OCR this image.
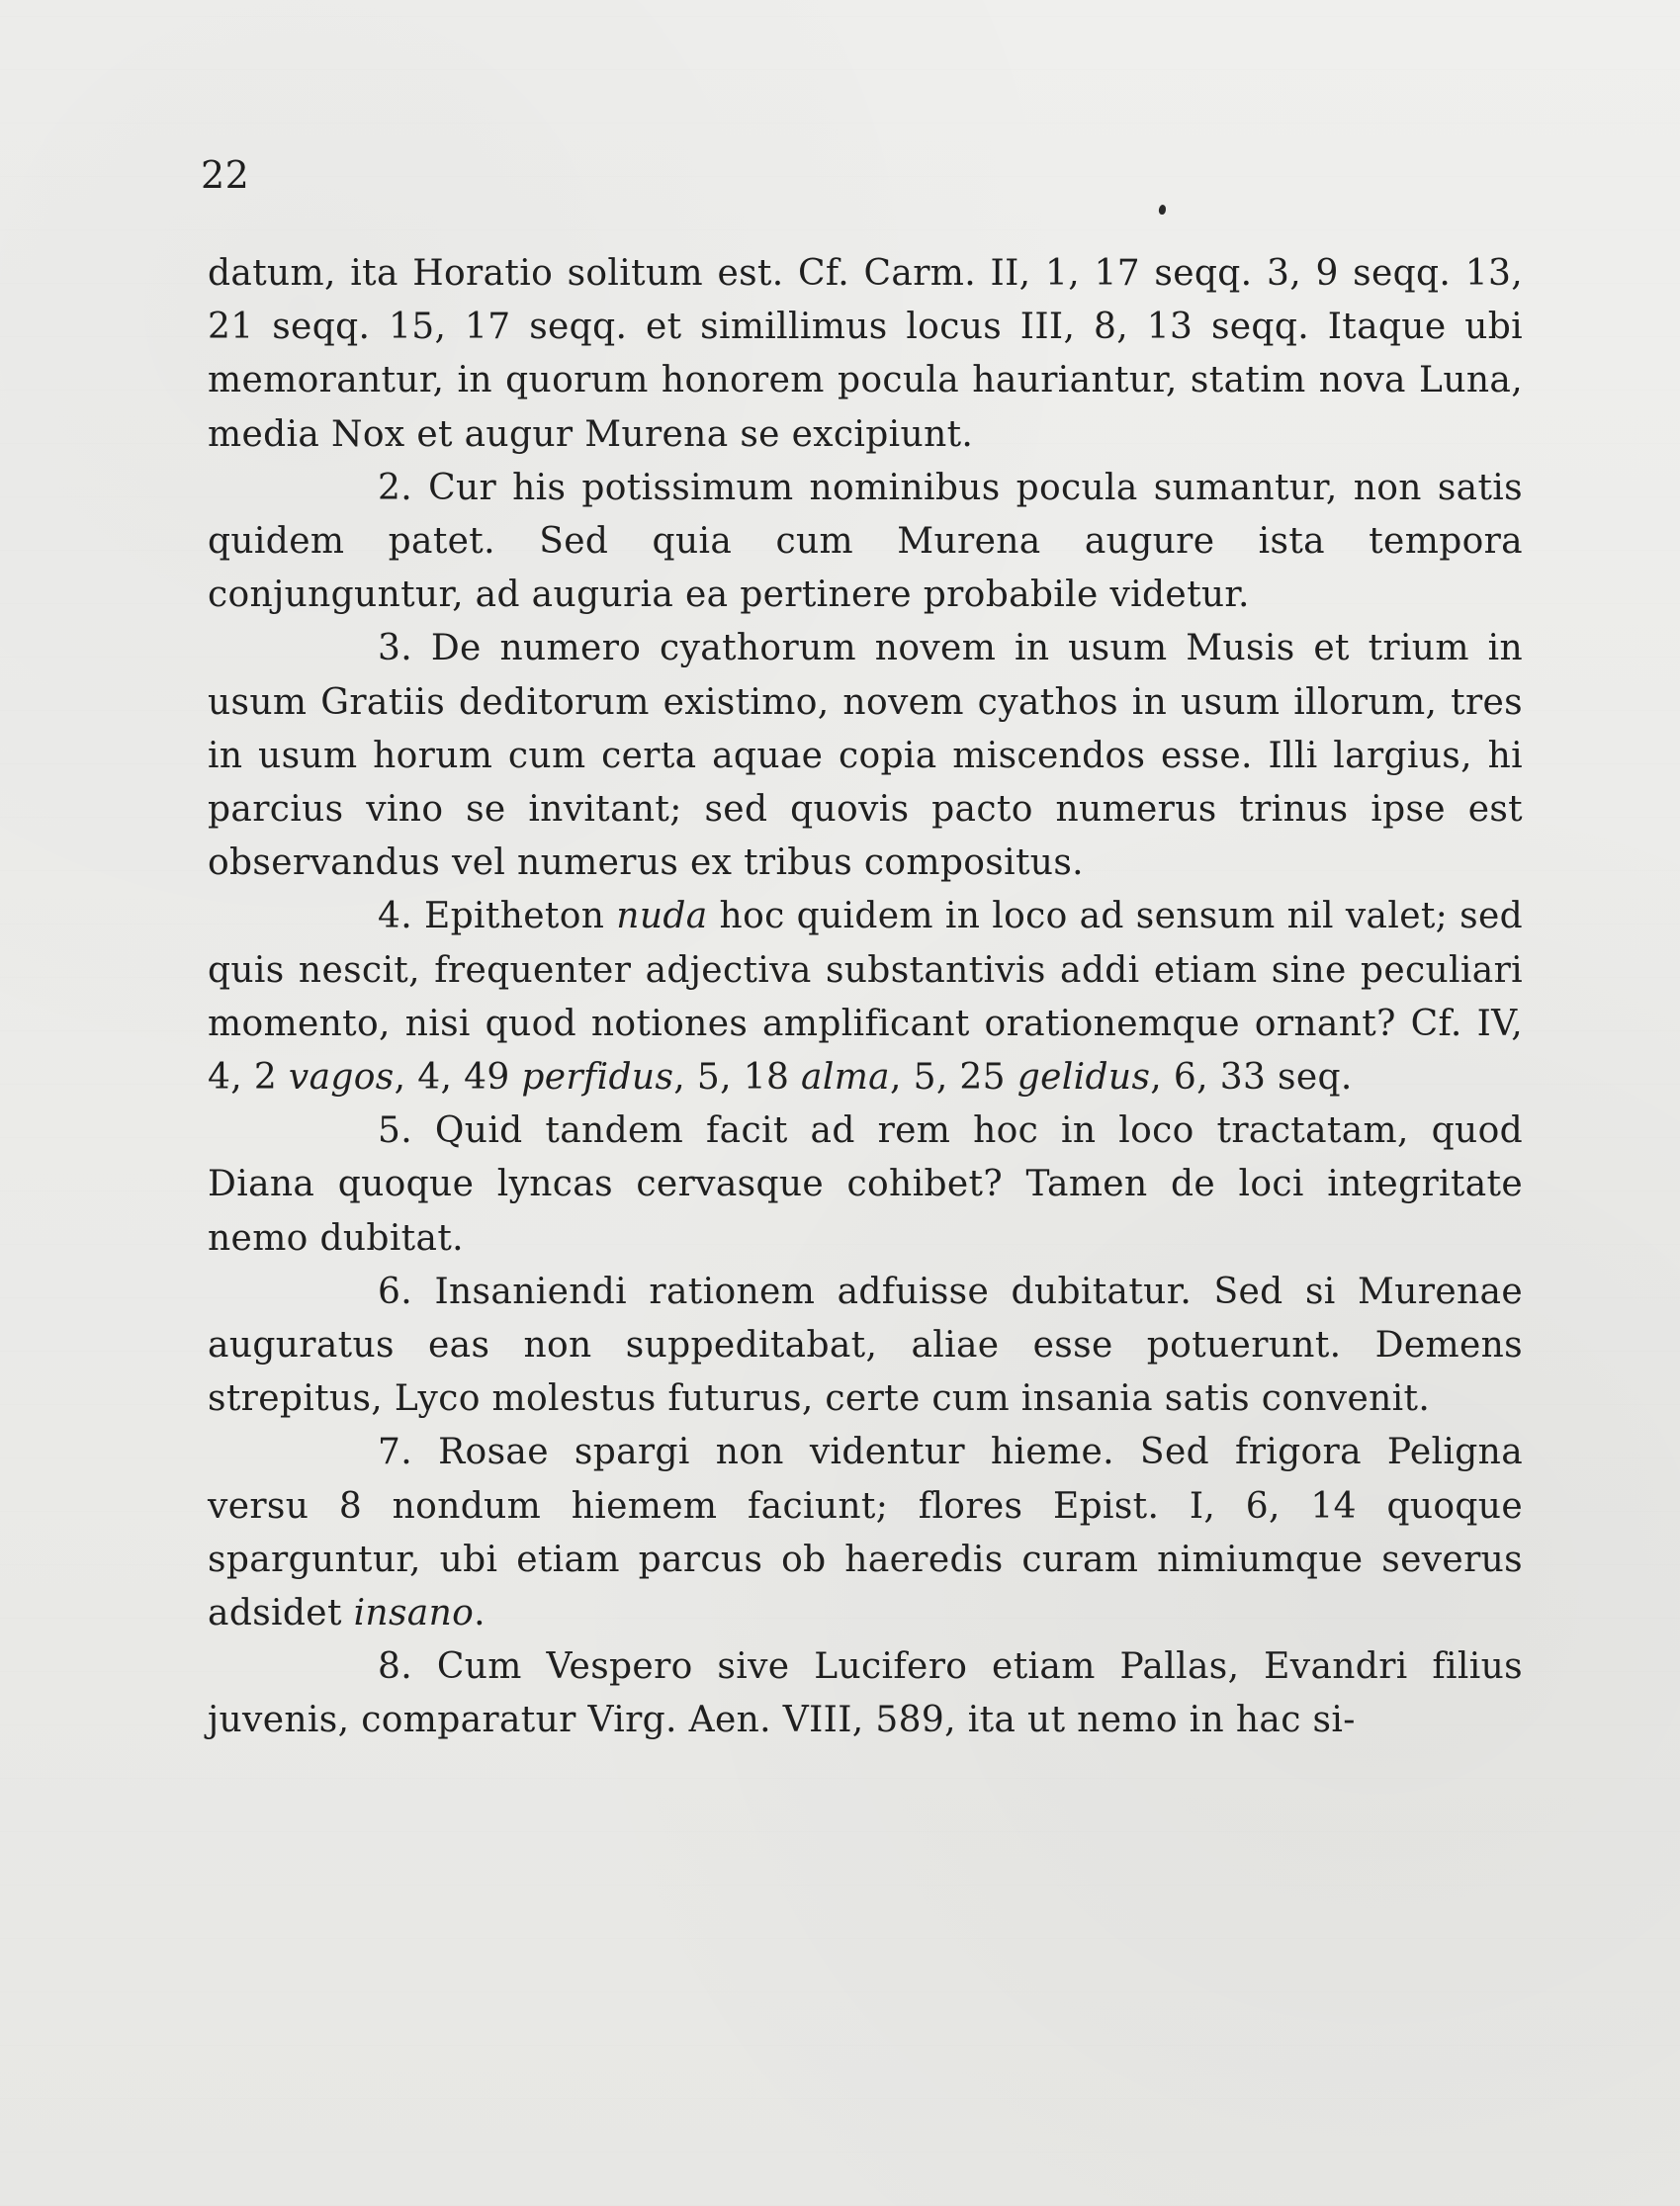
22

datum, ita Horatio solitum est. Cf. Carm. II, 1, 17 seqq. 3, 9 seqq. 13, 21 seqq. 15, 17 seqq. et simillimus locus III, 8, 13 seqq. Itaque ubi memorantur, in quorum honorem pocula hauriantur, statim nova Luna, media Nox et augur Murena se excipiunt.

2. Cur his potissimum nominibus pocula sumantur, non satis quidem patet. Sed quia cum Murena augure ista tempora conjunguntur, ad auguria ea pertinere probabile videtur.

3. De numero cyathorum novem in usum Musis et trium in usum Gratiis deditorum existimo, novem cyathos in usum illorum, tres in usum horum cum certa aquae copia miscendos esse. Illi largius, hi parcius vino se invitant; sed quovis pacto numerus trinus ipse est observandus vel numerus ex tribus compositus.

4. Epitheton nuda hoc quidem in loco ad sensum nil valet; sed quis nescit, frequenter adjectiva substantivis addi etiam sine peculiari momento, nisi quod notiones amplificant orationemque ornant? Cf. IV, 4, 2 vagos, 4, 49 perfidus, 5, 18 alma, 5, 25 gelidus, 6, 33 seq.

5. Quid tandem facit ad rem hoc in loco tractatam, quod Diana quoque lyncas cervasque cohibet? Tamen de loci integritate nemo dubitat.

6. Insaniendi rationem adfuisse dubitatur. Sed si Murenae auguratus eas non suppeditabat, aliae esse potuerunt. Demens strepitus, Lyco molestus futurus, certe cum insania satis convenit.

7. Rosae spargi non videntur hieme. Sed frigora Peligna versu 8 nondum hiemem faciunt; flores Epist. I, 6, 14 quoque sparguntur, ubi etiam parcus ob haeredis curam nimiumque severus adsidet insano.

8. Cum Vespero sive Lucifero etiam Pallas, Evandri filius juvenis, comparatur Virg. Aen. VIII, 589, ita ut nemo in hac si-
